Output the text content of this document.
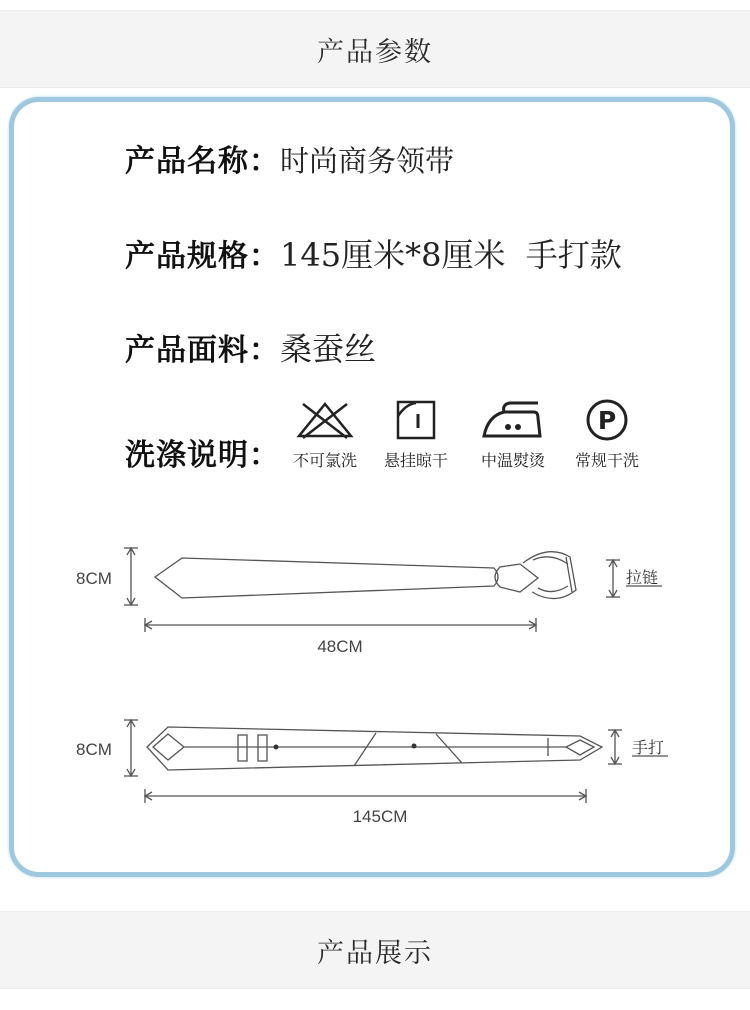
产品参数
产品名称： 时尚商务领带
产品规格： 145厘米*8厘米  手打款
产品面料： 桑蚕丝
洗涤说明： 不可氯洗 悬挂晾干 中温熨烫
P
常规干洗
8CM
48CM
拉链
8CM
145CM
手打
产品展示
